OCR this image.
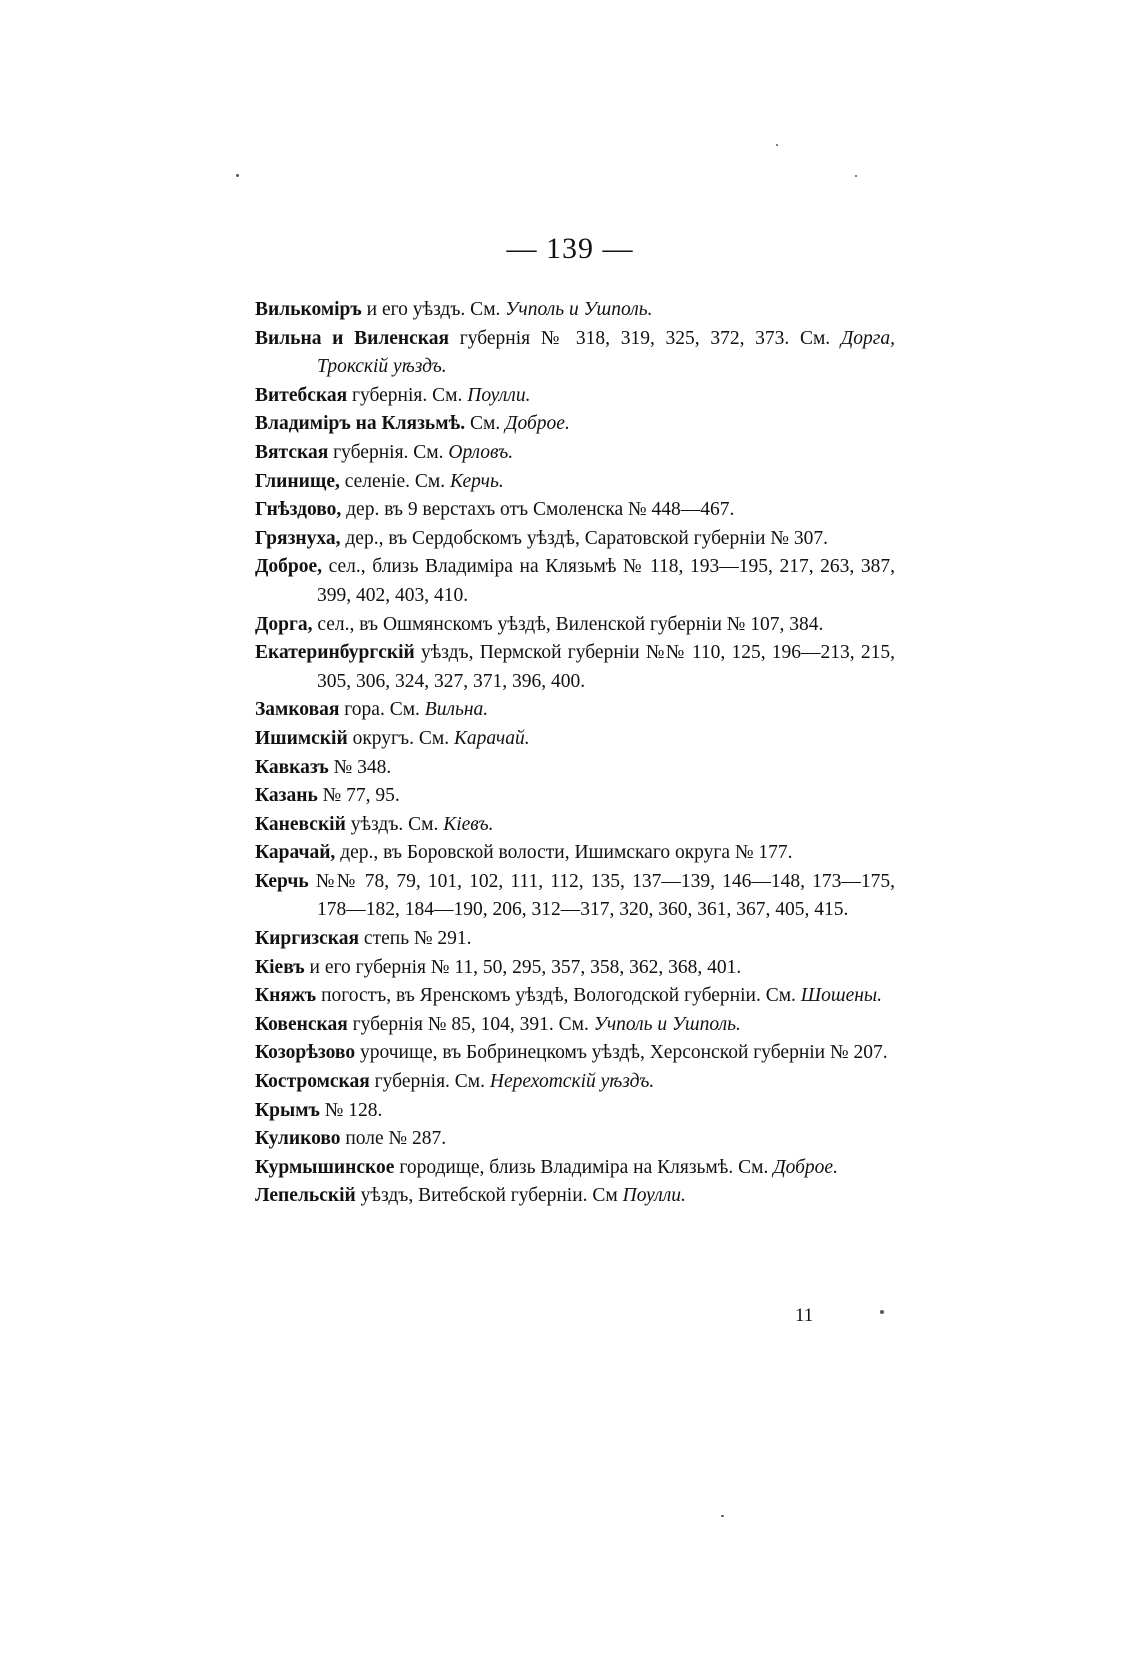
— 139 —
Вилькоміръ и его уѣздъ. См. Учполь и Ушполь.
Вильна и Виленская губернія № 318, 319, 325, 372, 373. См. Дорга, Трокскій уѣздъ.
Витебская губернія. См. Поулли.
Владиміръ на Клязьмѣ. См. Доброе.
Вятская губернія. См. Орловъ.
Глинище, селеніе. См. Керчь.
Гнѣздово, дер. въ 9 верстахъ отъ Смоленска № 448—467.
Грязнуха, дер., въ Сердобскомъ уѣздѣ, Саратовской губерніи № 307.
Доброе, сел., близь Владиміра на Клязьмѣ № 118, 193—195, 217, 263, 387, 399, 402, 403, 410.
Дорга, сел., въ Ошмянскомъ уѣздѣ, Виленской губерніи № 107, 384.
Екатеринбургскій уѣздъ, Пермской губерніи №№ 110, 125, 196—213, 215, 305, 306, 324, 327, 371, 396, 400.
Замковая гора. См. Вильна.
Ишимскій округъ. См. Карачай.
Кавказъ № 348.
Казань № 77, 95.
Каневскій уѣздъ. См. Кіевъ.
Карачай, дер., въ Боровской волости, Ишимскаго округа № 177.
Керчь №№ 78, 79, 101, 102, 111, 112, 135, 137—139, 146—148, 173—175, 178—182, 184—190, 206, 312—317, 320, 360, 361, 367, 405, 415.
Киргизская степь № 291.
Кіевъ и его губернія № 11, 50, 295, 357, 358, 362, 368, 401.
Княжъ погостъ, въ Яренскомъ уѣздѣ, Вологодской губерніи. См. Шошены.
Ковенская губернія № 85, 104, 391. См. Учполь и Ушполь.
Козорѣзово урочище, въ Бобринецкомъ уѣздѣ, Херсонской губерніи № 207.
Костромская губернія. См. Нерехотскій уѣздъ.
Крымъ № 128.
Куликово поле № 287.
Курмышинское городище, близь Владиміра на Клязьмѣ. См. Доброе.
Лепельскій уѣздъ, Витебской губерніи. См Поулли.
11
